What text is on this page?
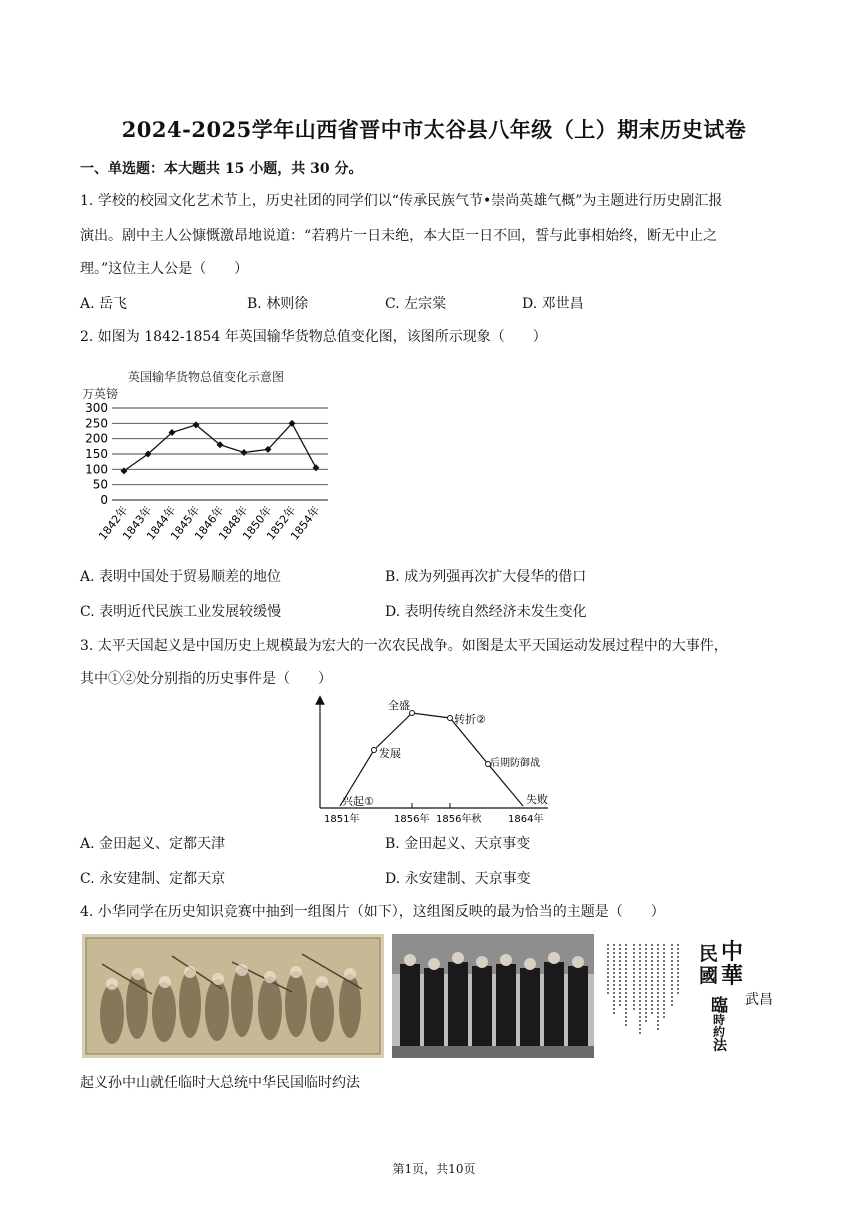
2024-2025学年山西省晋中市太谷县八年级（上）期末历史试卷
一、单选题：本大题共 15 小题，共 30 分。
1. 学校的校园文化艺术节上，历史社团的同学们以“传承民族气节•崇尚英雄气概”为主题进行历史剧汇报
演出。剧中主人公慷慨激昂地说道：“若鸦片一日未绝，本大臣一日不回，誓与此事相始终，断无中止之
理。”这位主人公是（　　）
A. 岳飞	B. 林则徐	C. 左宗棠	D. 邓世昌
2. 如图为 1842-1854 年英国输华货物总值变化图，该图所示现象（　　）
英国输华货物总值变化示意图
万英镑
0
50
100
150
200
250
300
1842年
1843年
1844年
1845年
1846年
1848年
1850年
1852年
1854年
A. 表明中国处于贸易顺差的地位	B. 成为列强再次扩大侵华的借口
C. 表明近代民族工业发展较缓慢	D. 表明传统自然经济未发生变化
3. 太平天国起义是中国历史上规模最为宏大的一次农民战争。如图是太平天国运动发展过程中的大事件，
其中①②处分别指的历史事件是（　　）
兴起①
发展
全盛
转折②
后期防御战
失败
1851年	1856年 1856年秋	1864年
A. 金田起义、定都天津	B. 金田起义、天京事变
C. 永安建制、定都天京	D. 永安建制、天京事变
4. 小华同学在历史知识竞赛中抽到一组图片（如下），这组图反映的最为恰当的主题是（　　）
中
華
民
國
臨
時
約
法
武昌
起义孙中山就任临时大总统中华民国临时约法
第1页，共10页
